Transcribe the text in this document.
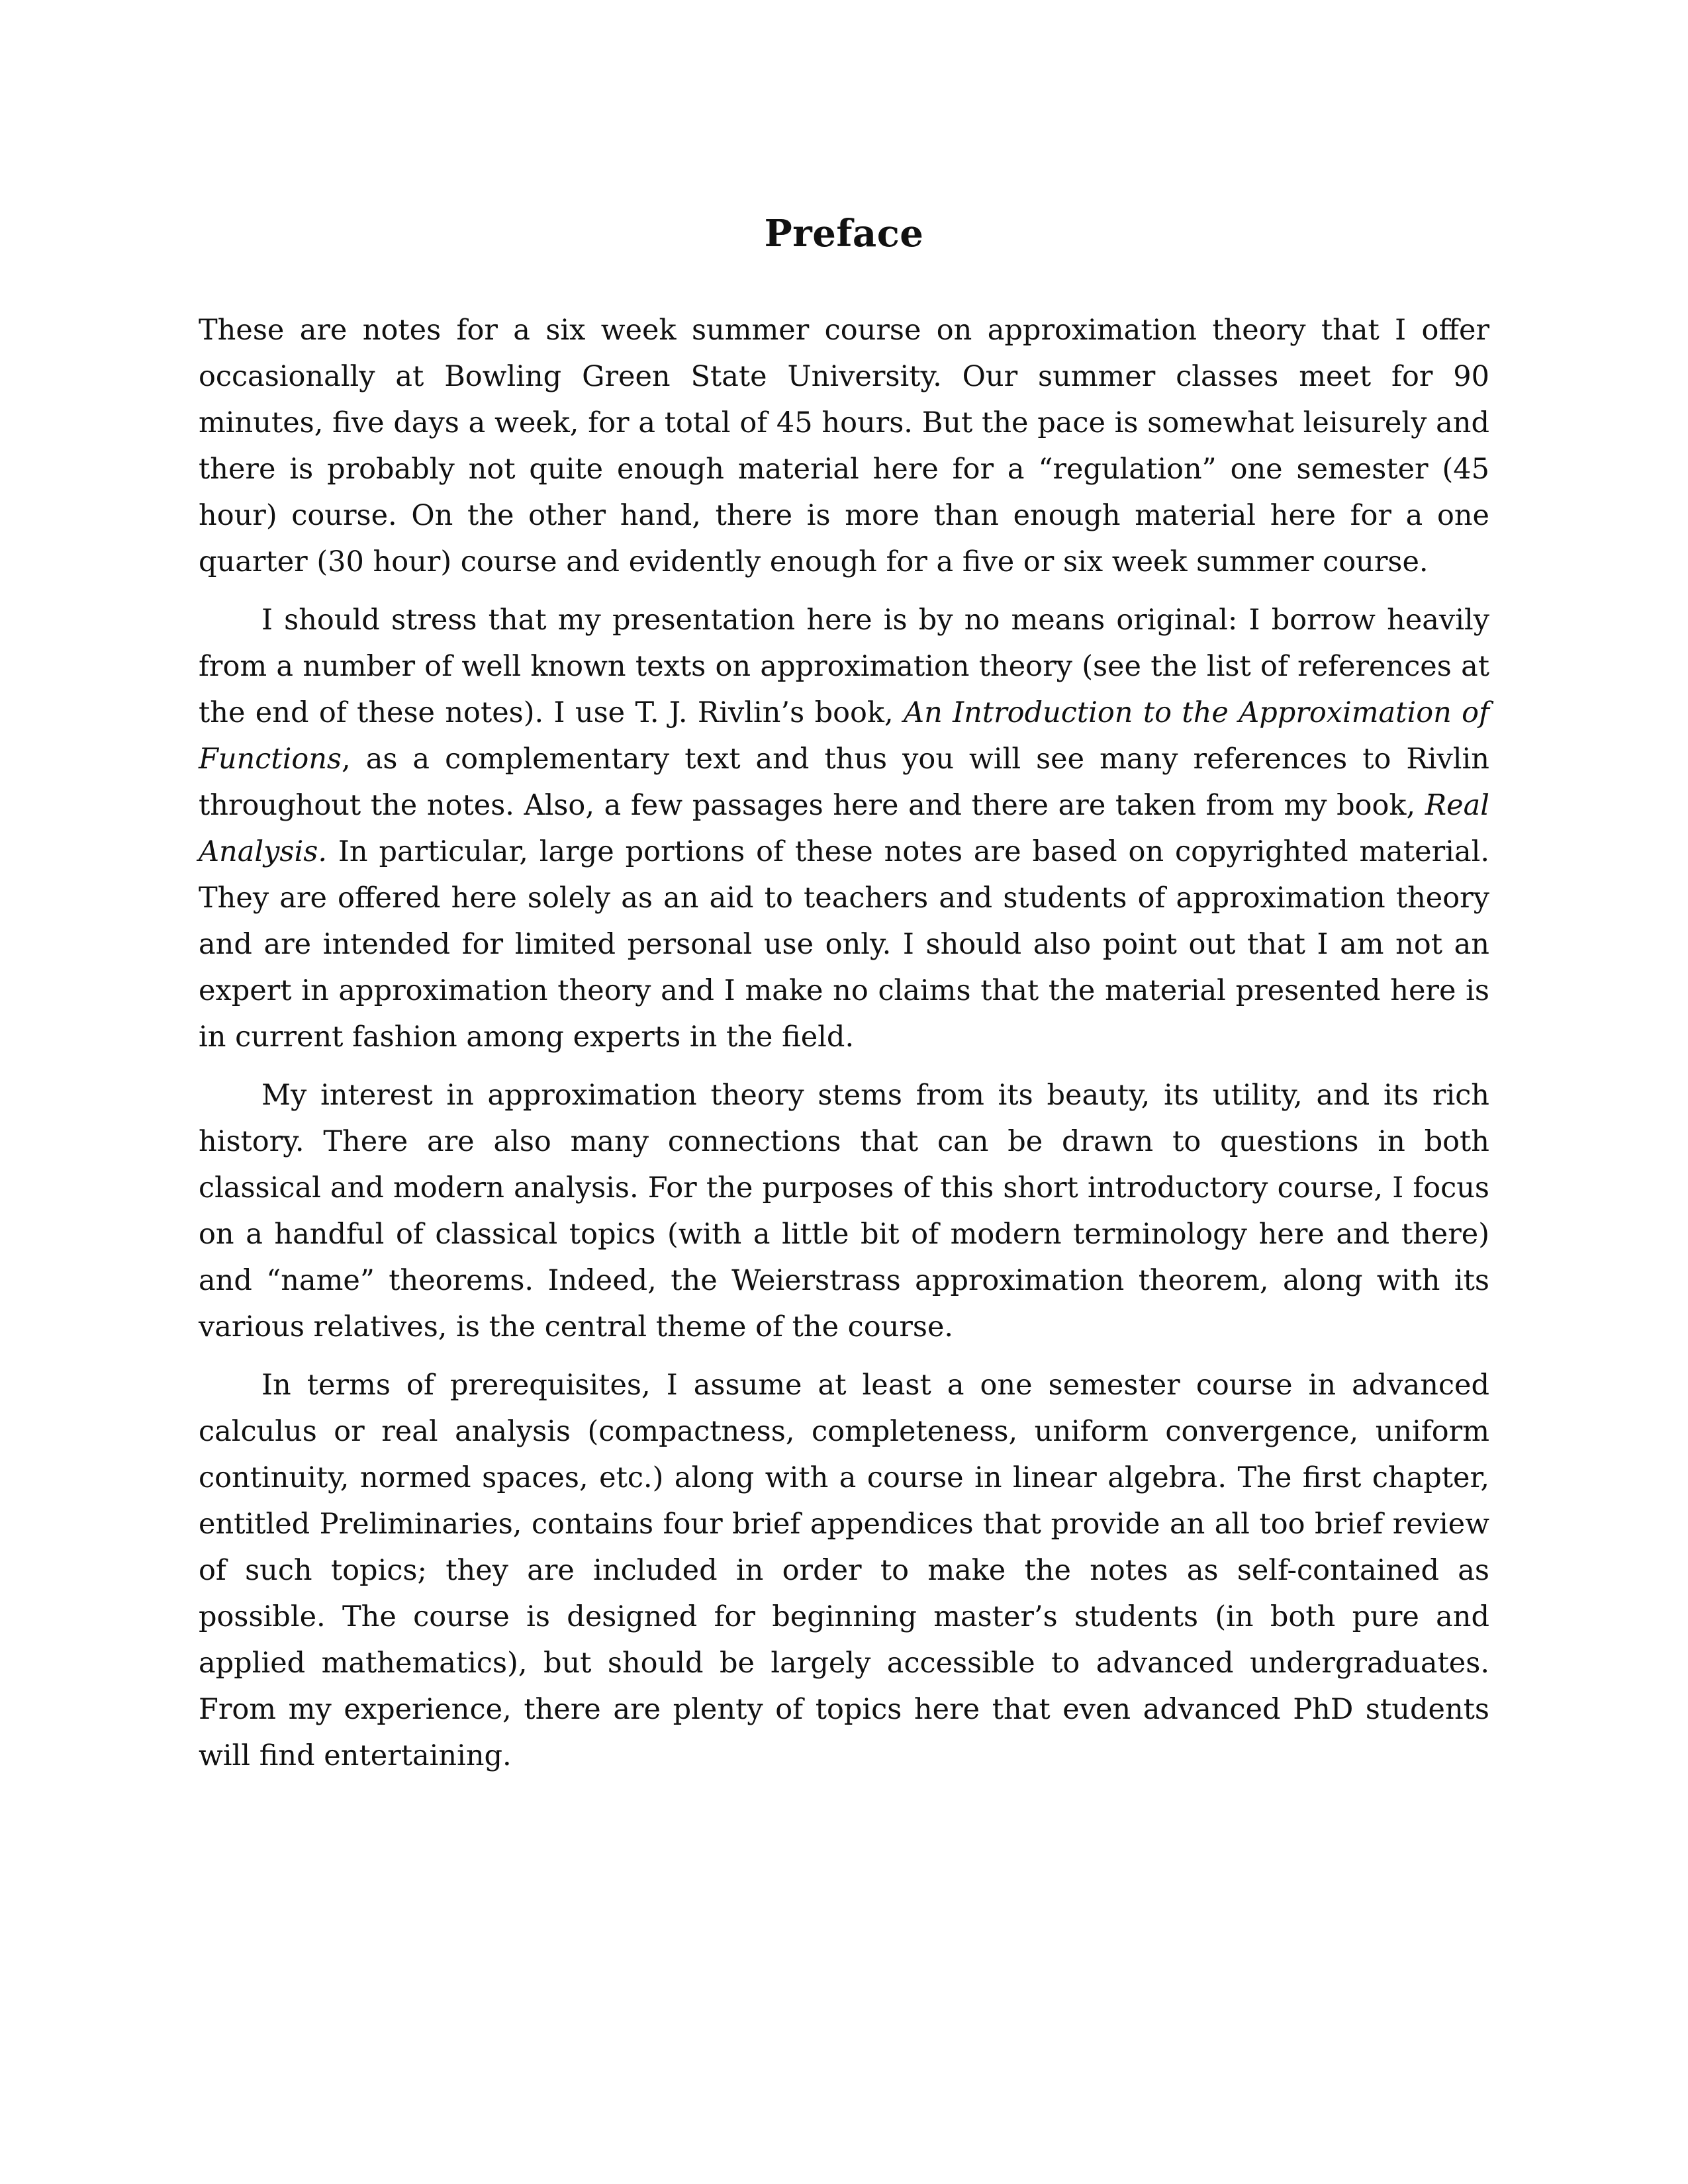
Preface

These are notes for a six week summer course on approximation theory that I offer occasionally at Bowling Green State University. Our summer classes meet for 90 minutes, five days a week, for a total of 45 hours. But the pace is somewhat leisurely and there is probably not quite enough material here for a “regulation” one semester (45 hour) course. On the other hand, there is more than enough material here for a one quarter (30 hour) course and evidently enough for a five or six week summer course.

I should stress that my presentation here is by no means original: I borrow heavily from a number of well known texts on approximation theory (see the list of references at the end of these notes). I use T. J. Rivlin’s book, An Introduction to the Approximation of Functions, as a complementary text and thus you will see many references to Rivlin throughout the notes. Also, a few passages here and there are taken from my book, Real Analysis. In particular, large portions of these notes are based on copyrighted material. They are offered here solely as an aid to teachers and students of approximation theory and are intended for limited personal use only. I should also point out that I am not an expert in approximation theory and I make no claims that the material presented here is in current fashion among experts in the field.

My interest in approximation theory stems from its beauty, its utility, and its rich history. There are also many connections that can be drawn to questions in both classical and modern analysis. For the purposes of this short introductory course, I focus on a handful of classical topics (with a little bit of modern terminology here and there) and “name” theorems. Indeed, the Weierstrass approximation theorem, along with its various relatives, is the central theme of the course.

In terms of prerequisites, I assume at least a one semester course in advanced calculus or real analysis (compactness, completeness, uniform convergence, uniform continuity, normed spaces, etc.) along with a course in linear algebra. The first chapter, entitled Preliminaries, contains four brief appendices that provide an all too brief review of such topics; they are included in order to make the notes as self-contained as possible. The course is designed for beginning master’s students (in both pure and applied mathematics), but should be largely accessible to advanced undergraduates. From my experience, there are plenty of topics here that even advanced PhD students will find entertaining.
